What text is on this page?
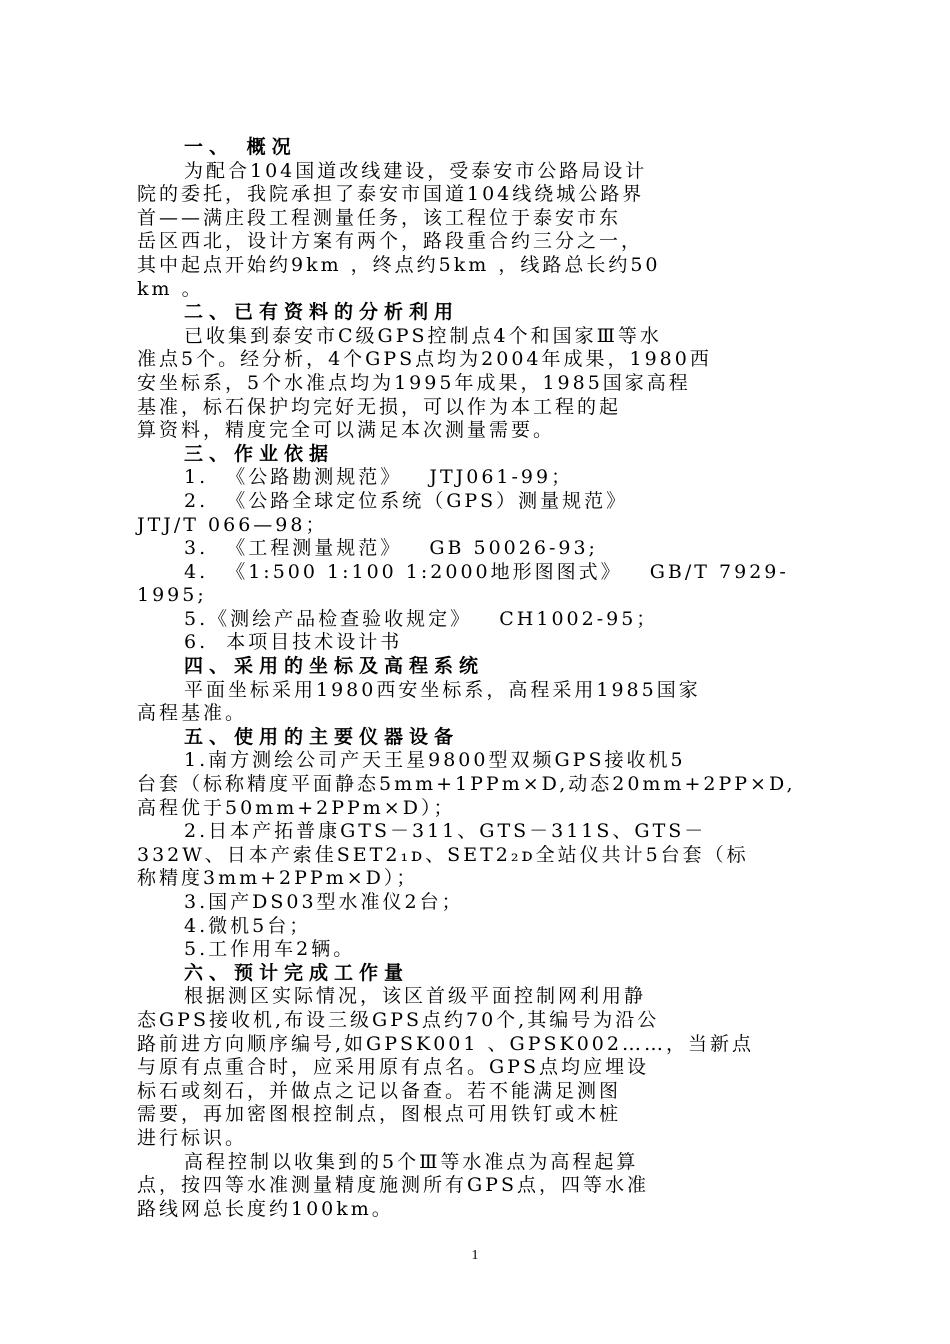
一、 概况
为配合104国道改线建设，受泰安市公路局设计
院的委托，我院承担了泰安市国道104线绕城公路界
首——满庄段工程测量任务，该工程位于泰安市东
岳区西北，设计方案有两个，路段重合约三分之一，
其中起点开始约9km ，终点约5km ，线路总长约50
km 。
二、已有资料的分析利用
已收集到泰安市C级GPS控制点4个和国家Ⅲ等水
准点5个。经分析，4个GPS点均为2004年成果，1980西
安坐标系，5个水准点均为1995年成果，1985国家高程
基准，标石保护均完好无损，可以作为本工程的起
算资料，精度完全可以满足本次测量需要。
三、作业依据
1.  《公路勘测规范》   JTJ061-99；
2.  《公路全球定位系统（GPS）测量规范》
JTJ/T 066—98；
3.  《工程测量规范》   GB 50026-93;
4.  《1:500 1:100 1:2000地形图图式》   GB/T 7929-
1995;
5.《测绘产品检查验收规定》   CH1002-95；
6.  本项目技术设计书
四、采用的坐标及高程系统
平面坐标采用1980西安坐标系，高程采用1985国家
高程基准。
五、使用的主要仪器设备
1.南方测绘公司产天王星9800型双频GPS接收机5
台套（标称精度平面静态5mm+1PPm×D,动态20mm+2PP×D,
高程优于50mm+2PPm×D）；
2.日本产拓普康GTS－311、GTS－311S、GTS－
332W、日本产索佳SET2₁ᴅ、SET2₂ᴅ全站仪共计5台套（标
称精度3mm+2PPm×D）；
3.国产DS03型水准仪2台；
4.微机5台；
5.工作用车2辆。
六、预计完成工作量
根据测区实际情况，该区首级平面控制网利用静
态GPS接收机,布设三级GPS点约70个,其编号为沿公
路前进方向顺序编号,如GPSK001 、GPSK002……，当新点
与原有点重合时，应采用原有点名。GPS点均应埋设
标石或刻石，并做点之记以备查。若不能满足测图
需要，再加密图根控制点，图根点可用铁钉或木桩
进行标识。
高程控制以收集到的5个Ⅲ等水准点为高程起算
点，按四等水准测量精度施测所有GPS点，四等水准
路线网总长度约100km。
1
